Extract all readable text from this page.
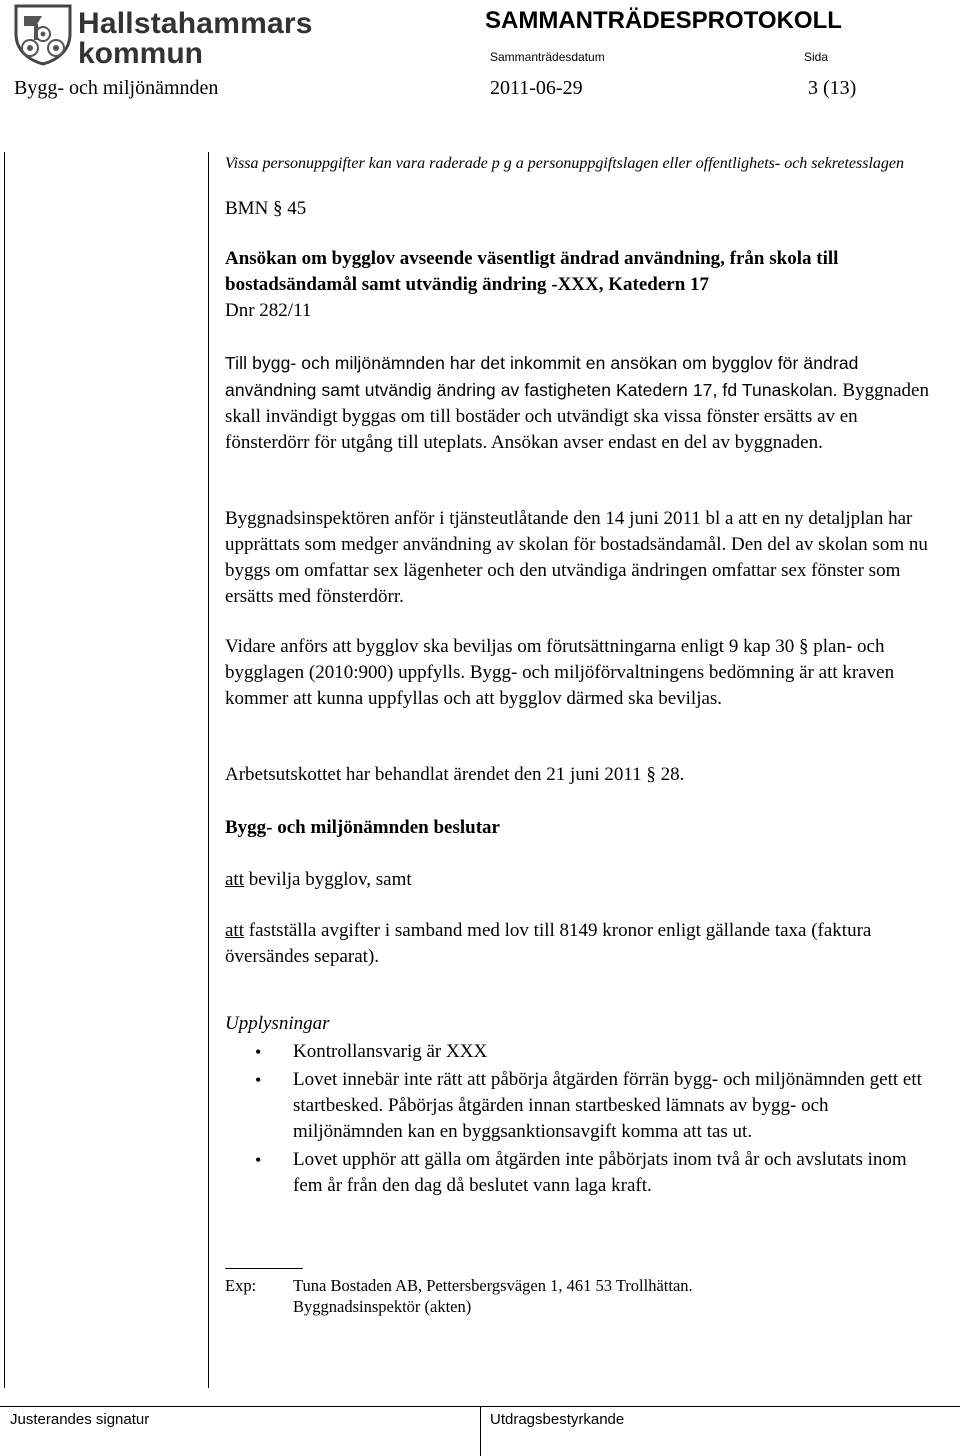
Hallstahammars
kommun
SAMMANTRÄDESPROTOKOLL
Sammanträdesdatum	Sida
Bygg- och miljönämnden	2011-06-29	3 (13)
Vissa personuppgifter kan vara raderade p g a personuppgiftslagen eller offentlighets- och sekretesslagen
BMN § 45
Ansökan om bygglov avseende väsentligt ändrad användning, från skola till bostadsändamål samt utvändig ändring -XXX, Katedern 17
Dnr 282/11
Till bygg- och miljönämnden har det inkommit en ansökan om bygglov för ändrad användning samt utvändig ändring av fastigheten Katedern 17, fd Tunaskolan. Byggnaden skall invändigt byggas om till bostäder och utvändigt ska vissa fönster ersätts av en fönsterdörr för utgång till uteplats. Ansökan avser endast en del av byggnaden.
Byggnadsinspektören anför i tjänsteutlåtande den 14 juni 2011 bl a att en ny detaljplan har upprättats som medger användning av skolan för bostadsändamål. Den del av skolan som nu byggs om omfattar sex lägenheter och den utvändiga ändringen omfattar sex fönster som ersätts med fönsterdörr.
Vidare anförs att bygglov ska beviljas om förutsättningarna enligt 9 kap 30 § plan- och bygglagen (2010:900) uppfylls. Bygg- och miljöförvaltningens bedömning är att kraven kommer att kunna uppfyllas och att bygglov därmed ska beviljas.
Arbetsutskottet har behandlat ärendet den 21 juni 2011 § 28.
Bygg- och miljönämnden beslutar
att bevilja bygglov, samt
att fastställa avgifter i samband med lov till 8149 kronor enligt gällande taxa (faktura översändes separat).
Upplysningar
•	Kontrollansvarig är XXX
•	Lovet innebär inte rätt att påbörja åtgärden förrän bygg- och miljönämnden gett ett startbesked. Påbörjas åtgärden innan startbesked lämnats av bygg- och miljönämnden kan en byggsanktionsavgift komma att tas ut.
•	Lovet upphör att gälla om åtgärden inte påbörjats inom två år och avslutats inom fem år från den dag då beslutet vann laga kraft.
Exp: Tuna Bostaden AB, Pettersbergsvägen 1, 461 53 Trollhättan.
Byggnadsinspektör (akten)
Justerandes signatur	Utdragsbestyrkande
